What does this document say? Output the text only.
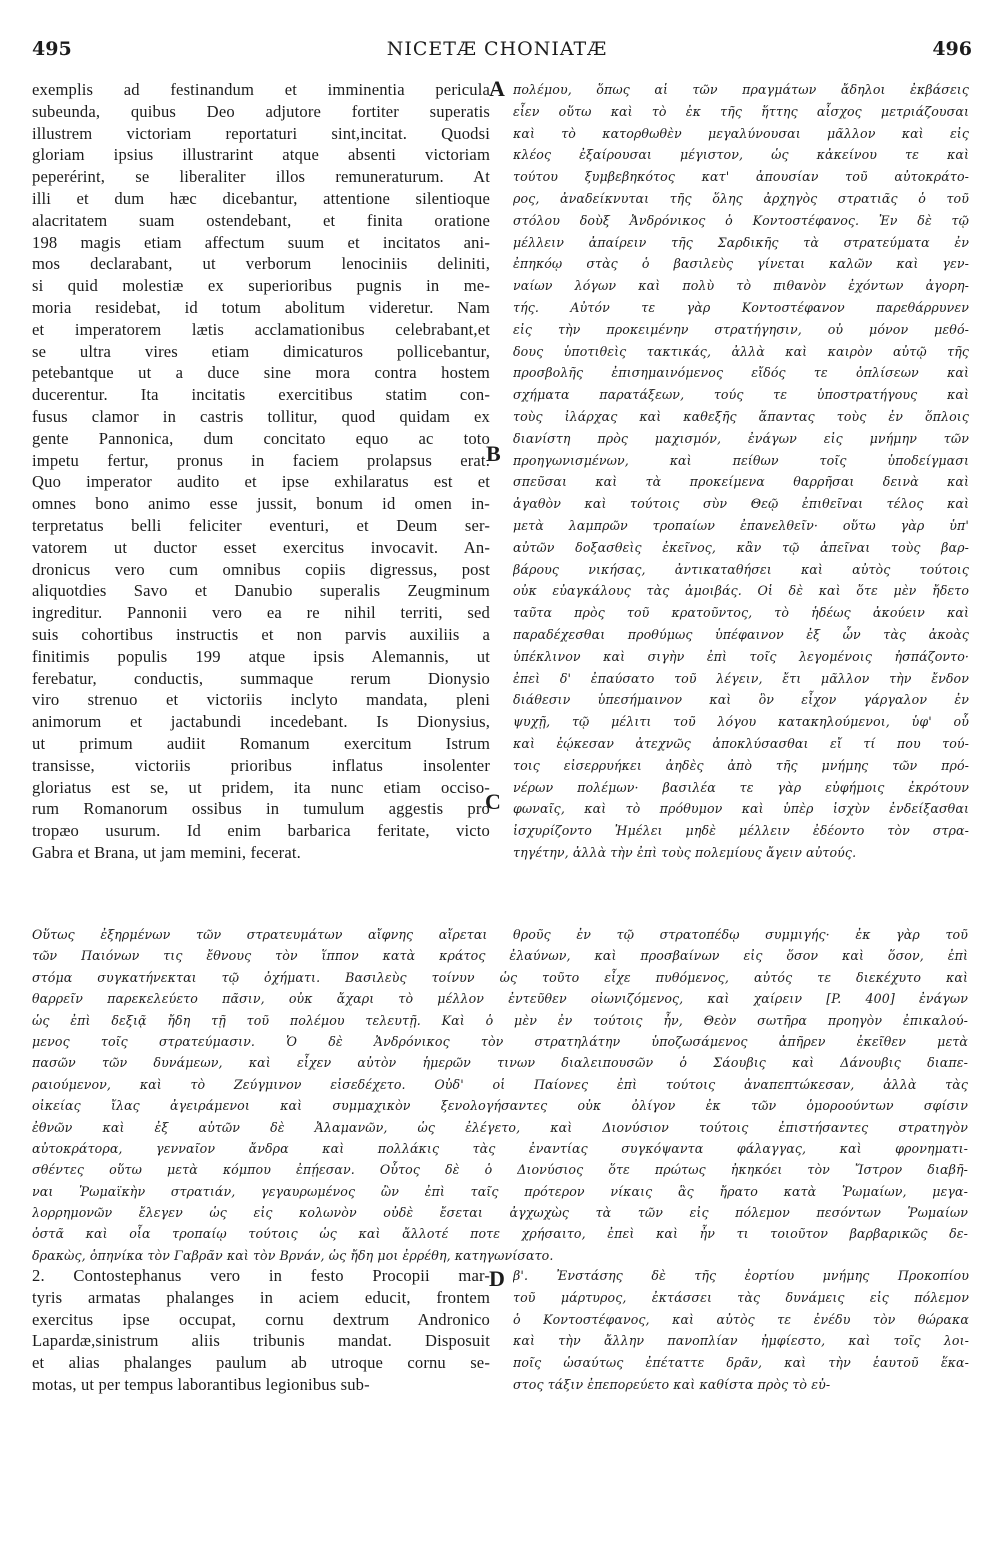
495	NICETÆ CHONIATÆ	496
A
B
C
D
exemplis ad festinandum et imminentia pericula
subeunda, quibus Deo adjutore fortiter superatis
illustrem victoriam reportaturi sint,incitat. Quodsi
gloriam ipsius illustrarint atque absenti victoriam
peperérint, se liberaliter illos remuneraturum. At
illi et dum hæc dicebantur, attentione silentioque
alacritatem suam ostendebant, et finita oratione
198 magis etiam affectum suum et incitatos ani-
mos declarabant, ut verborum lenociniis deliniti,
si quid molestiæ ex superioribus pugnis in me-
moria residebat, id totum abolitum videretur. Nam
et imperatorem lætis acclamationibus celebrabant,et
se ultra vires etiam dimicaturos pollicebantur,
petebantque ut a duce sine mora contra hostem
ducerentur. Ita incitatis exercitibus statim con-
fusus clamor in castris tollitur, quod quidam ex
gente Pannonica, dum concitato equo ac toto
impetu fertur, pronus in faciem prolapsus erat.
Quo imperator audito et ipse exhilaratus est et
omnes bono animo esse jussit, bonum id omen in-
terpretatus belli feliciter eventuri, et Deum ser-
vatorem ut ductor esset exercitus invocavit. An-
dronicus vero cum omnibus copiis digressus, post
aliquotdies Savo et Danubio superalis Zeugminum
ingreditur. Pannonii vero ea re nihil territi, sed
suis cohortibus instructis et non parvis auxiliis a
finitimis populis 199 atque ipsis Alemannis, ut
ferebatur, conductis, summaque rerum Dionysio
viro strenuo et victoriis inclyto mandata, pleni
animorum et jactabundi incedebant. Is Dionysius,
ut primum audiit Romanum exercitum Istrum
transisse, victoriis prioribus inflatus insolenter
gloriatus est se, ut pridem, ita nunc etiam occiso-
rum Romanorum ossibus in tumulum aggestis pro
tropæo usurum. Id enim barbarica feritate, victo
Gabra et Brana, ut jam memini, fecerat.
πολέμου, ὅπως αἱ τῶν πραγμάτων ἄδηλοι ἐκβάσεις
εἶεν οὕτω καὶ τὸ ἐκ τῆς ἥττης αἶσχος μετριάζουσαι
καὶ τὸ κατορθωθὲν μεγαλύνουσαι μᾶλλον καὶ εἰς
κλέος ἐξαίρουσαι μέγιστον, ὡς κἀκείνου τε καὶ
τούτου ξυμβεβηκότος κατ' ἀπουσίαν τοῦ αὐτοκράτο-
ρος, ἀναδείκνυται τῆς ὅλης ἀρχηγὸς στρατιᾶς ὁ τοῦ
στόλου δοὺξ Ἀνδρόνικος ὁ Κοντοστέφανος. Ἐν δὲ τῷ
μέλλειν ἀπαίρειν τῆς Σαρδικῆς τὰ στρατεύματα ἐν
ἐπηκόῳ στὰς ὁ βασιλεὺς γίνεται καλῶν καὶ γεν-
ναίων λόγων καὶ πολὺ τὸ πιθανὸν ἐχόντων ἀγορη-
τής. Αὐτόν τε γὰρ Κοντοστέφανον παρεθάρρυνεν
εἰς τὴν προκειμένην στρατήγησιν, οὐ μόνον μεθό-
δους ὑποτιθεὶς τακτικάς, ἀλλὰ καὶ καιρὸν αὐτῷ τῆς
προσβολῆς ἐπισημαινόμενος εἴδός τε ὁπλίσεων καὶ
σχήματα παρατάξεων, τούς τε ὑποστρατήγους καὶ
τοὺς ἰλάρχας καὶ καθεξῆς ἅπαντας τοὺς ἐν ὅπλοις
διανίστη πρὸς μαχισμόν, ἐνάγων εἰς μνήμην τῶν
προηγωνισμένων, καὶ πείθων τοῖς ὑποδείγμασι
σπεῦσαι καὶ τὰ προκείμενα θαρρῆσαι δεινὰ καὶ
ἀγαθὸν καὶ τούτοις σὺν Θεῷ ἐπιθεῖναι τέλος καὶ
μετὰ λαμπρῶν τροπαίων ἐπανελθεῖν· οὕτω γὰρ ὑπ'
αὐτῶν δοξασθεὶς ἐκεῖνος, κἂν τῷ ἀπεῖναι τοὺς βαρ-
βάρους νικήσας, ἀντικαταθήσει καὶ αὐτὸς τούτοις
οὐκ εὐαγκάλους τὰς ἀμοιβάς. Οἱ δὲ καὶ ὅτε μὲν ἤδετο
ταῦτα πρὸς τοῦ κρατοῦντος, τὸ ἡδέως ἀκούειν καὶ
παραδέχεσθαι προθύμως ὑπέφαινον ἐξ ὧν τὰς ἀκοὰς
ὑπέκλινον καὶ σιγὴν ἐπὶ τοῖς λεγομένοις ἠσπάζοντο·
ἐπεὶ δ' ἐπαύσατο τοῦ λέγειν, ἔτι μᾶλλον τὴν ἔνδον
διάθεσιν ὑπεσήμαινον καὶ ὃν εἶχον γάργαλον ἐν
ψυχῇ, τῷ μέλιτι τοῦ λόγου κατακηλούμενοι, ὑφ' οὗ
καὶ ἐῴκεσαν ἀτεχνῶς ἀποκλύσασθαι εἴ τί που τού-
τοις εἰσερρυήκει ἀηδὲς ἀπὸ τῆς μνήμης τῶν πρό-
νέρων πολέμων· βασιλέα τε γὰρ εὐφήμοις ἐκρότουν
φωναῖς, καὶ τὸ πρόθυμον καὶ ὑπὲρ ἰσχὺν ἐνδείξασθαι
ἰσχυρίζοντο Ἠμέλει μηδὲ μέλλειν ἐδέοντο τὸν στρα-
τηγέτην, ἀλλὰ τὴν ἐπὶ τοὺς πολεμίους ἄγειν αὐτούς.
Οὕτως ἐξηρμένων τῶν στρατευμάτων αἴφνης αἴρεται θροῦς ἐν τῷ στρατοπέδῳ συμμιγής· ἐκ γὰρ τοῦ
τῶν Παιόνων τις ἔθνους τὸν ἵππον κατὰ κράτος ἐλαύνων, καὶ προσβαίνων εἰς ὅσον καὶ ὅσον, ἐπὶ
στόμα συγκατήνεκται τῷ ὀχήματι. Βασιλεὺς τοίνυν ὡς τοῦτο εἶχε πυθόμενος, αὐτός τε διεκέχυτο καὶ
θαρρεῖν παρεκελεύετο πᾶσιν, οὐκ ἄχαρι τὸ μέλλον ἐντεῦθεν οἰωνιζόμενος, καὶ χαίρειν [P. 400] ἐνάγων
ὡς ἐπὶ δεξιᾷ ἤδη τῇ τοῦ πολέμου τελευτῇ. Καὶ ὁ μὲν ἐν τούτοις ἦν, Θεὸν σωτῆρα προηγὸν ἐπικαλού-
μενος τοῖς στρατεύμασιν. Ὁ δὲ Ἀνδρόνικος τὸν στρατηλάτην ὑποζωσάμενος ἀπῆρεν ἐκεῖθεν μετὰ
πασῶν τῶν δυνάμεων, καὶ εἶχεν αὐτὸν ἡμερῶν τινων διαλειπουσῶν ὁ Σάουβις καὶ Δάνουβις διαπε-
ραιούμενον, καὶ τὸ Ζεύγμινον εἰσεδέχετο. Οὐδ' οἱ Παίονες ἐπὶ τούτοις ἀναπεπτώκεσαν, ἀλλὰ τὰς
οἰκείας ἴλας ἀγειράμενοι καὶ συμμαχικὸν ξενολογήσαντες οὐκ ὀλίγον ἐκ τῶν ὁμοροούντων σφίσιν
ἐθνῶν καὶ ἐξ αὐτῶν δὲ Ἀλαμανῶν, ὡς ἐλέγετο, καὶ Διονύσιον τούτοις ἐπιστήσαντες στρατηγὸν
αὐτοκράτορα, γενναῖον ἄνδρα καὶ πολλάκις τὰς ἐναντίας συγκόψαντα φάλαγγας, καὶ φρονηματι-
σθέντες οὕτω μετὰ κόμπου ἐπῄεσαν. Οὗτος δὲ ὁ Διονύσιος ὅτε πρώτως ἠκηκόει τὸν Ἴστρον διαβῆ-
ναι Ῥωμαϊκὴν στρατιάν, γεγαυρωμένος ὢν ἐπὶ ταῖς πρότερον νίκαις ἃς ἤρατο κατὰ Ῥωμαίων, μεγα-
λορρημονῶν ἔλεγεν ὡς εἰς κολωνὸν οὐδὲ ἔσεται ἀγχωχὼς τὰ τῶν εἰς πόλεμον πεσόντων Ῥωμαίων
ὀστᾶ καὶ οἷα τροπαίῳ τούτοις ὡς καὶ ἄλλοτέ ποτε χρήσαιτο, ἐπεὶ καὶ ἦν τι τοιοῦτον βαρβαρικῶς δε-
δρακὼς, ὁπηνίκα τὸν Γαβρᾶν καὶ τὸν Βρνάν, ὡς ἤδη μοι ἐρρέθη, κατηγωνίσατο.
2. Contostephanus vero in festo Procopii mar-
tyris armatas phalanges in aciem educit, frontem
exercitus ipse occupat, cornu dextrum Andronico
Lapardæ,sinistrum aliis tribunis mandat. Disposuit
et alias phalanges paulum ab utroque cornu se-
motas, ut per tempus laborantibus legionibus sub-
β'. Ἐνστάσης δὲ τῆς ἐορτίου μνήμης Προκοπίου
τοῦ μάρτυρος, ἐκτάσσει τὰς δυνάμεις εἰς πόλεμον
ὁ Κοντοστέφανος, καὶ αὐτὸς τε ἐνέδυ τὸν θώρακα
καὶ τὴν ἄλλην πανοπλίαν ἠμφίεστο, καὶ τοῖς λοι-
ποῖς ὡσαύτως ἐπέταττε δρᾶν, καὶ τὴν ἑαυτοῦ ἕκα-
στος τάξιν ἐπεπορεύετο καὶ καθίστα πρὸς τὸ εὐ-
